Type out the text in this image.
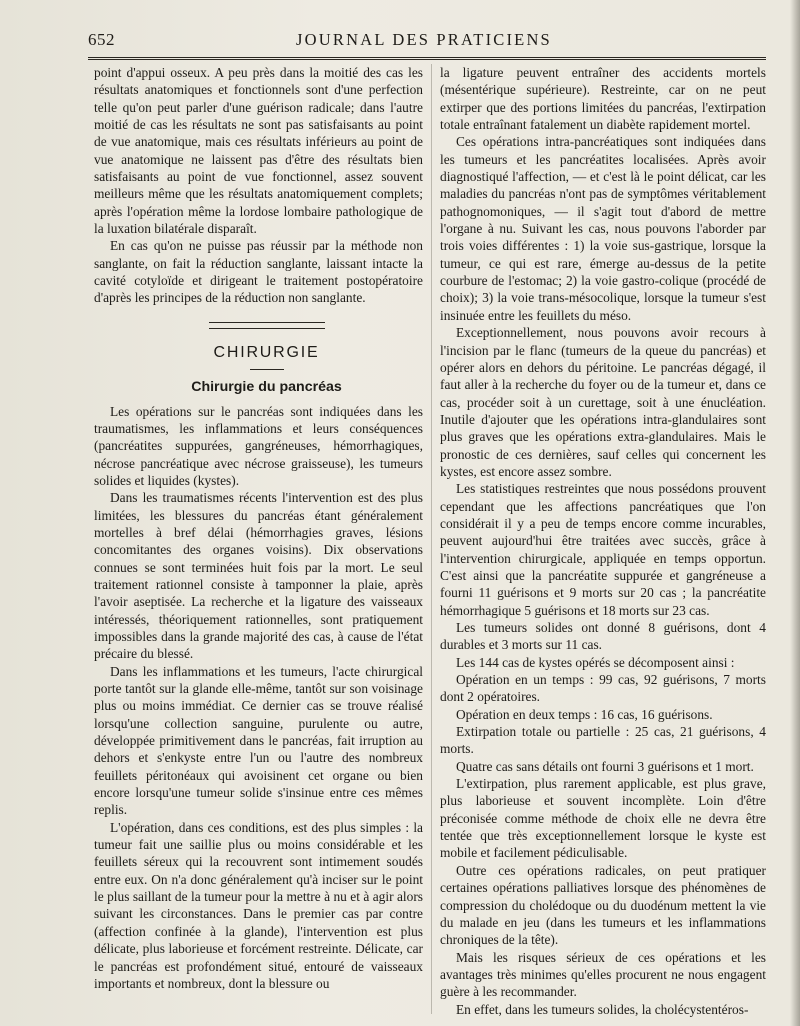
652	JOURNAL DES PRATICIENS

point d'appui osseux. A peu près dans la moitié des cas les résultats anatomiques et fonctionnels sont d'une perfection telle qu'on peut parler d'une guérison radicale; dans l'autre moitié de cas les résultats ne sont pas satisfaisants au point de vue anatomique, mais ces résultats inférieurs au point de vue anatomique ne laissent pas d'être des résultats bien satisfaisants au point de vue fonctionnel, assez souvent meilleurs même que les résultats anatomiquement complets; après l'opération même la lordose lombaire pathologique de la luxation bilatérale disparaît.

En cas qu'on ne puisse pas réussir par la méthode non sanglante, on fait la réduction sanglante, laissant intacte la cavité cotyloïde et dirigeant le traitement postopératoire d'après les principes de la réduction non sanglante.

CHIRURGIE
Chirurgie du pancréas

Les opérations sur le pancréas sont indiquées dans les traumatismes, les inflammations et leurs conséquences (pancréatites suppurées, gangréneuses, hémorrhagiques, nécrose pancréatique avec nécrose graisseuse), les tumeurs solides et liquides (kystes).

Dans les traumatismes récents l'intervention est des plus limitées, les blessures du pancréas étant généralement mortelles à bref délai (hémorrhagies graves, lésions concomitantes des organes voisins). Dix observations connues se sont terminées huit fois par la mort. Le seul traitement rationnel consiste à tamponner la plaie, après l'avoir aseptisée. La recherche et la ligature des vaisseaux intéressés, théoriquement rationnelles, sont pratiquement impossibles dans la grande majorité des cas, à cause de l'état précaire du blessé.

Dans les inflammations et les tumeurs, l'acte chirurgical porte tantôt sur la glande elle-même, tantôt sur son voisinage plus ou moins immédiat. Ce dernier cas se trouve réalisé lorsqu'une collection sanguine, purulente ou autre, développée primitivement dans le pancréas, fait irruption au dehors et s'enkyste entre l'un ou l'autre des nombreux feuillets péritonéaux qui avoisinent cet organe ou bien encore lorsqu'une tumeur solide s'insinue entre ces mêmes replis.

L'opération, dans ces conditions, est des plus simples : la tumeur fait une saillie plus ou moins considérable et les feuillets séreux qui la recouvrent sont intimement soudés entre eux. On n'a donc généralement qu'à inciser sur le point le plus saillant de la tumeur pour la mettre à nu et à agir alors suivant les circonstances. Dans le premier cas par contre (affection confinée à la glande), l'intervention est plus délicate, plus laborieuse et forcément restreinte. Délicate, car le pancréas est profondément situé, entouré de vaisseaux importants et nombreux, dont la blessure ou

la ligature peuvent entraîner des accidents mortels (mésentérique supérieure). Restreinte, car on ne peut extirper que des portions limitées du pancréas, l'extirpation totale entraînant fatalement un diabète rapidement mortel.

Ces opérations intra-pancréatiques sont indiquées dans les tumeurs et les pancréatites localisées. Après avoir diagnostiqué l'affection, — et c'est là le point délicat, car les maladies du pancréas n'ont pas de symptômes véritablement pathognomoniques, — il s'agit tout d'abord de mettre l'organe à nu. Suivant les cas, nous pouvons l'aborder par trois voies différentes : 1) la voie sus-gastrique, lorsque la tumeur, ce qui est rare, émerge au-dessus de la petite courbure de l'estomac; 2) la voie gastro-colique (procédé de choix); 3) la voie trans-mésocolique, lorsque la tumeur s'est insinuée entre les feuillets du méso.

Exceptionnellement, nous pouvons avoir recours à l'incision par le flanc (tumeurs de la queue du pancréas) et opérer alors en dehors du péritoine. Le pancréas dégagé, il faut aller à la recherche du foyer ou de la tumeur et, dans ce cas, procéder soit à un curettage, soit à une énucléation. Inutile d'ajouter que les opérations intra-glandulaires sont plus graves que les opérations extra-glandulaires. Mais le pronostic de ces dernières, sauf celles qui concernent les kystes, est encore assez sombre.

Les statistiques restreintes que nous possédons prouvent cependant que les affections pancréatiques que l'on considérait il y a peu de temps encore comme incurables, peuvent aujourd'hui être traitées avec succès, grâce à l'intervention chirurgicale, appliquée en temps opportun. C'est ainsi que la pancréatite suppurée et gangréneuse a fourni 11 guérisons et 9 morts sur 20 cas ; la pancréatite hémorrhagique 5 guérisons et 18 morts sur 23 cas.

Les tumeurs solides ont donné 8 guérisons, dont 4 durables et 3 morts sur 11 cas.

Les 144 cas de kystes opérés se décomposent ainsi :

Opération en un temps : 99 cas, 92 guérisons, 7 morts dont 2 opératoires.

Opération en deux temps : 16 cas, 16 guérisons.

Extirpation totale ou partielle : 25 cas, 21 guérisons, 4 morts.

Quatre cas sans détails ont fourni 3 guérisons et 1 mort.

L'extirpation, plus rarement applicable, est plus grave, plus laborieuse et souvent incomplète. Loin d'être préconisée comme méthode de choix elle ne devra être tentée que très exceptionnellement lorsque le kyste est mobile et facilement pédiculisable.

Outre ces opérations radicales, on peut pratiquer certaines opérations palliatives lorsque des phénomènes de compression du cholédoque ou du duodénum mettent la vie du malade en jeu (dans les tumeurs et les inflammations chroniques de la tête).

Mais les risques sérieux de ces opérations et les avantages très minimes qu'elles procurent ne nous engagent guère à les recommander.

En effet, dans les tumeurs solides, la cholécystentéros-
